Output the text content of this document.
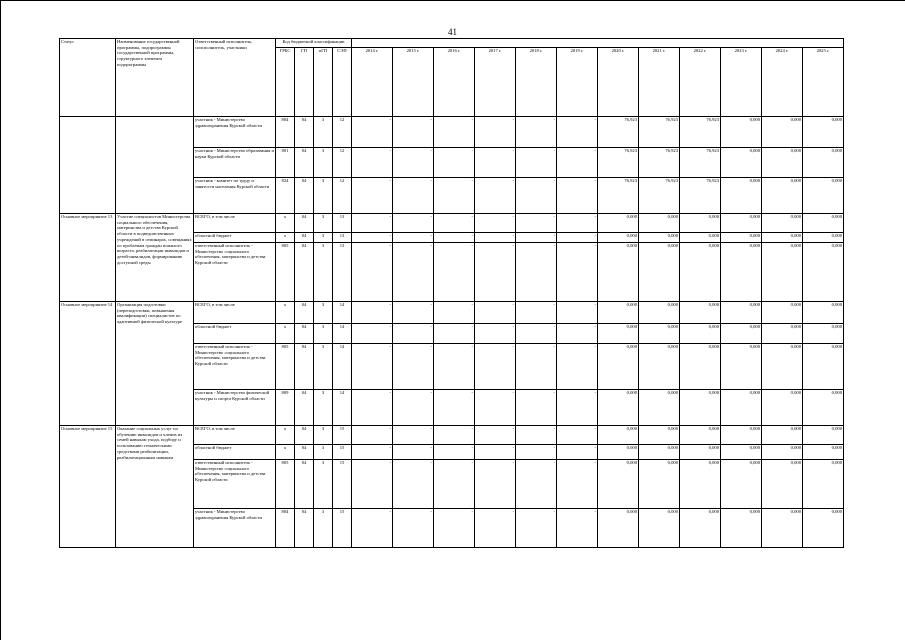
41
Статус	Наименование государственной программы, подпрограммы государственной программы, структурного элемента подпрограммы	Ответственный исполнитель, соисполнитель, участники	Код бюджетной классификации															
			ГРБС	ГП	пГП	СЭП	2014 г.	2015 г.	2016 г.	2017 г.	2018 г.	2019 г.	2020 г.	2021 г.	2022 г.	2023 г.	2024 г.	2025 г.
		участник - Министерство здравоохранения Курской области	804	04	3	12	-	-	-	-	-	-	76,923	76,923	76,923	0,000	0,000	0,000
		участник - Министерство образования и науки Курской области	801	04	3	12	-	-	-	-	-	-	76,923	76,923	76,923	0,000	0,000	0,000
		участник - комитет по труду и занятости населения Курской области	824	04	3	12	-	-	-	-	-	-	76,923	76,923	76,923	0,000	0,000	0,000
Основное мероприятие 13	Участие специалистов Министерства социального обеспечения, материнства и детства Курской области в подведомственных учреждений в семинарах, совещаниях по проблемам граждан пожилого возраста, реабилитации инвалидов и детей-инвалидов, формированию доступной среды	ВСЕГО, в том числе	x	04	3	13	-	-	-	-	-	-	0,000	0,000	0,000	0,000	0,000	0,000
		областной бюджет	x	04	3	13	-	-	-	-	-	-	0,000	0,000	0,000	0,000	0,000	0,000
		ответственный исполнитель - Министерство социального обеспечения, материнства и детства Курской области	805	04	3	13	-	-	-	-	-	-	0,000	0,000	0,000	0,000	0,000	0,000
Основное мероприятие 14	Организация подготовки (переподготовки, повышения квалификации) специалистов по адаптивной физической культуре	ВСЕГО, в том числе	x	04	3	14	-	-	-	-	-	-	0,000	0,000	0,000	0,000	0,000	0,000
		областной бюджет	x	04	3	14	-	-	-	-	-	-	0,000	0,000	0,000	0,000	0,000	0,000
		ответственный исполнитель - Министерство социального обеспечения, материнства и детства Курской области	805	04	3	14	-	-	-	-	-	-	0,000	0,000	0,000	0,000	0,000	0,000
		участник - Министерство физической культуры и спорта Курской области	809	04	3	14	-	-	-	-	-	-	0,000	0,000	0,000	0,000	0,000	0,000
Основное мероприятие 15	Оказание социальных услуг по обучению инвалидов и членов их семей навыкам ухода, подбору и пользованию техническими средствами реабилитации, реабилитационным навыкам	ВСЕГО, в том числе	x	04	3	15	-	-	-	-	-	-	0,000	0,000	0,000	0,000	0,000	0,000
		областной бюджет	x	04	3	15	-	-	-	-	-	-	0,000	0,000	0,000	0,000	0,000	0,000
		ответственный исполнитель - Министерство социального обеспечения, материнства и детства Курской области	805	04	3	15	-	-	-	-	-	-	0,000	0,000	0,000	0,000	0,000	0,000
		участник - Министерство здравоохранения Курской области	804	04	3	15	-	-	-	-	-	-	0,000	0,000	0,000	0,000	0,000	0,000
